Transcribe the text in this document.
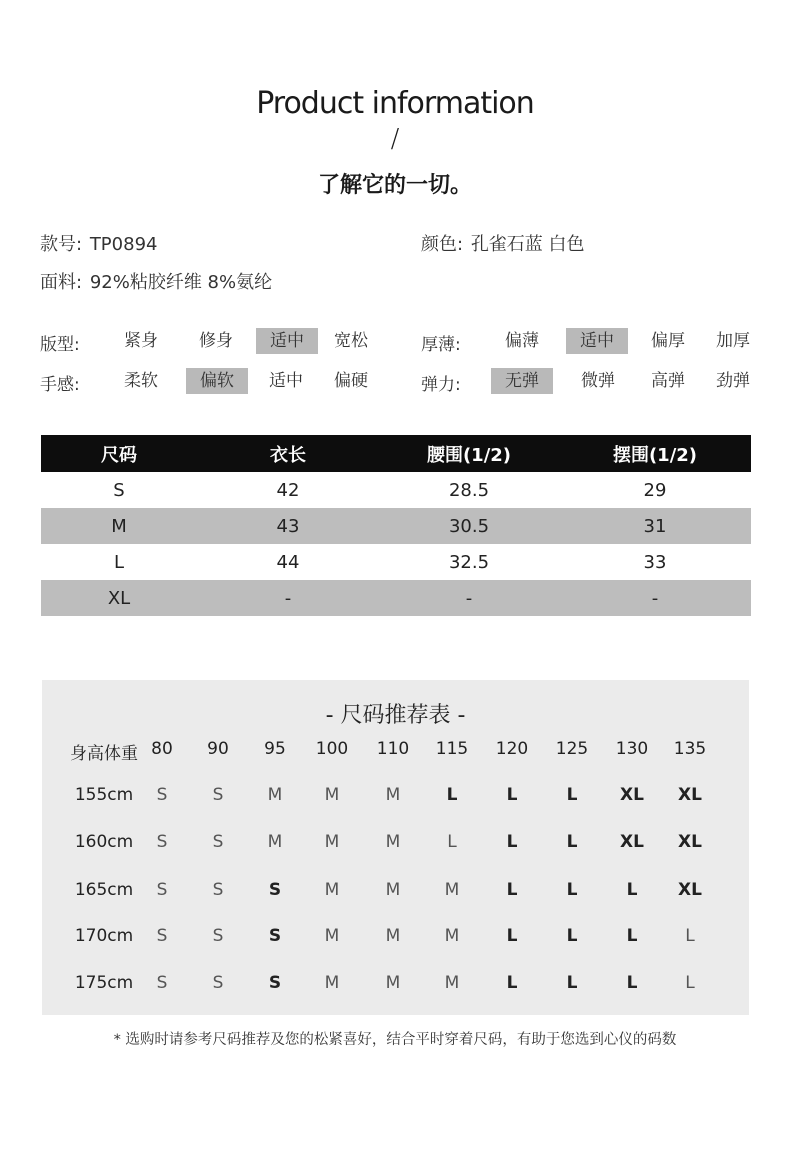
Product information
/
了解它的一切。
款号: TP0894	颜色: 孔雀石蓝 白色
面料: 92%粘胶纤维 8%氨纶
版型:	紧身	修身	适中	宽松	厚薄:	偏薄	适中	偏厚	加厚
手感:	柔软	偏软	适中	偏硬	弹力:	无弹	微弹	高弹	劲弹
尺码	衣长	腰围(1/2)	摆围(1/2)
S	42	28.5	29
M	43	30.5	31
L	44	32.5	33
XL	-	-	-
- 尺码推荐表 -
身高体重 80	90	95	100	110	115	120	125	130	135
155cm	S	S	M	M	M	L	L	L	XL	XL
160cm	S	S	M	M	M	L	L	L	XL	XL
165cm	S	S	S	M	M	M	L	L	L	XL
170cm	S	S	S	M	M	M	L	L	L	L
175cm	S	S	S	M	M	M	L	L	L	L
* 选购时请参考尺码推荐及您的松紧喜好，结合平时穿着尺码，有助于您选到心仪的码数
